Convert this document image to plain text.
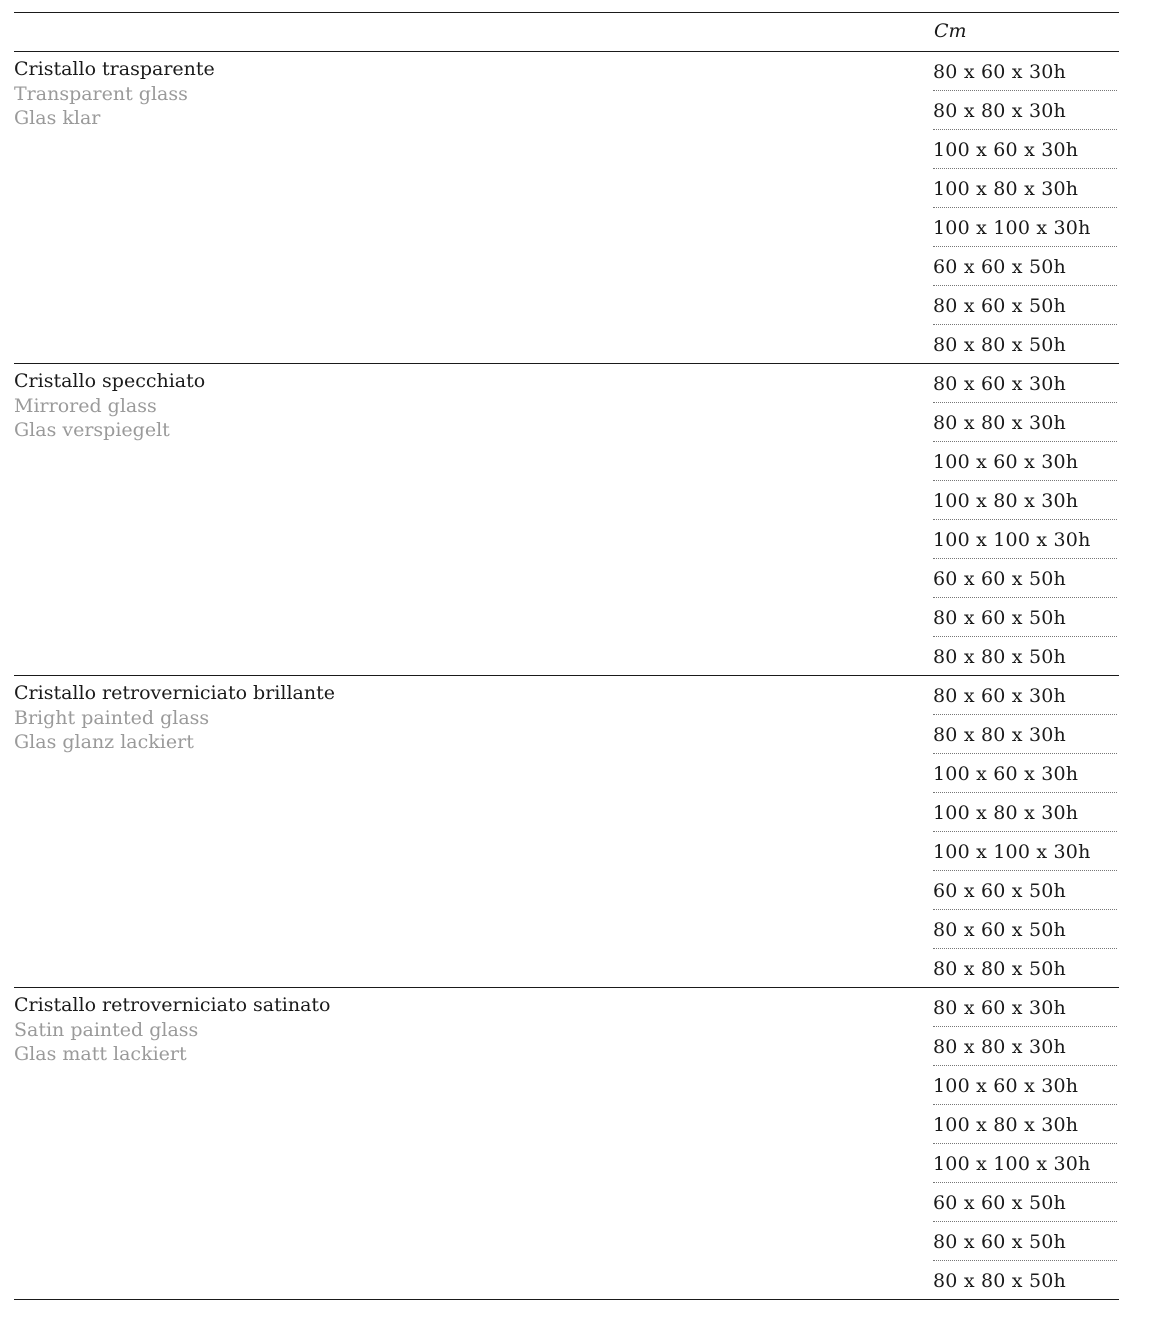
Cm
Cristallo trasparente
Transparent glass
Glas klar
80 x 60 x 30h
80 x 80 x 30h
100 x 60 x 30h
100 x 80 x 30h
100 x 100 x 30h
60 x 60 x 50h
80 x 60 x 50h
80 x 80 x 50h
Cristallo specchiato
Mirrored glass
Glas verspiegelt
80 x 60 x 30h
80 x 80 x 30h
100 x 60 x 30h
100 x 80 x 30h
100 x 100 x 30h
60 x 60 x 50h
80 x 60 x 50h
80 x 80 x 50h
Cristallo retroverniciato brillante
Bright painted glass
Glas glanz lackiert
80 x 60 x 30h
80 x 80 x 30h
100 x 60 x 30h
100 x 80 x 30h
100 x 100 x 30h
60 x 60 x 50h
80 x 60 x 50h
80 x 80 x 50h
Cristallo retroverniciato satinato
Satin painted glass
Glas matt lackiert
80 x 60 x 30h
80 x 80 x 30h
100 x 60 x 30h
100 x 80 x 30h
100 x 100 x 30h
60 x 60 x 50h
80 x 60 x 50h
80 x 80 x 50h
